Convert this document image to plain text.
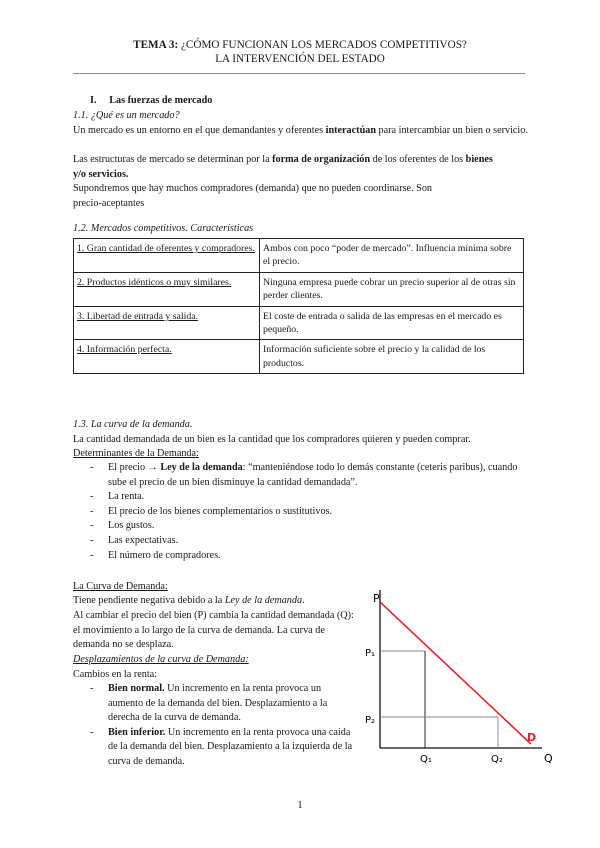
TEMA 3: ¿CÓMO FUNCIONAN LOS MERCADOS COMPETITIVOS?
LA INTERVENCIÓN DEL ESTADO
I. Las fuerzas de mercado
1.1. ¿Qué es un mercado?
Un mercado es un entorno en el que demandantes y oferentes interactúan para intercambiar un bien o servicio.
Las estructuras de mercado se determinan por la forma de organización de los oferentes de los bienes y/o servicios.
Supondremos que hay muchos compradores (demanda) que no pueden coordinarse. Son precio-aceptantes
1.2. Mercados competitivos. Características
1. Gran cantidad de oferentes y compradores.	Ambos con poco “poder de mercado”. Influencia mínima sobre el precio.
2. Productos idénticos o muy similares.	Ninguna empresa puede cobrar un precio superior al de otras sin perder clientes.
3. Libertad de entrada y salida.	El coste de entrada o salida de las empresas en el mercado es pequeño.
4. Información perfecta.	Información suficiente sobre el precio y la calidad de los productos.
1.3. La curva de la demanda.
La cantidad demandada de un bien es la cantidad que los compradores quieren y pueden comprar.
Determinantes de la Demanda:
- El precio → Ley de la demanda: “manteniéndose todo lo demás constante (ceteris paribus), cuando sube el precio de un bien disminuye la cantidad demandada”.
- La renta.
- El precio de los bienes complementarios o sustitutivos.
- Los gustos.
- Las expectativas.
- El número de compradores.
La Curva de Demanda:
Tiene pendiente negativa debido a la Ley de la demanda.
Al cambiar el precio del bien (P) cambia la cantidad demandada (Q): el movimiento a lo largo de la curva de demanda. La curva de demanda no se desplaza.
Desplazamientos de la curva de Demanda:
Cambios en la renta:
- Bien normal. Un incremento en la renta provoca un aumento de la demanda del bien. Desplazamiento a la derecha de la curva de demanda.
- Bien inferior. Un incremento en la renta provoca una caída de la demanda del bien. Desplazamiento a la izquierda de la curva de demanda.
P
Q
P₁
P₂
Q₁	Q₂
D
1
